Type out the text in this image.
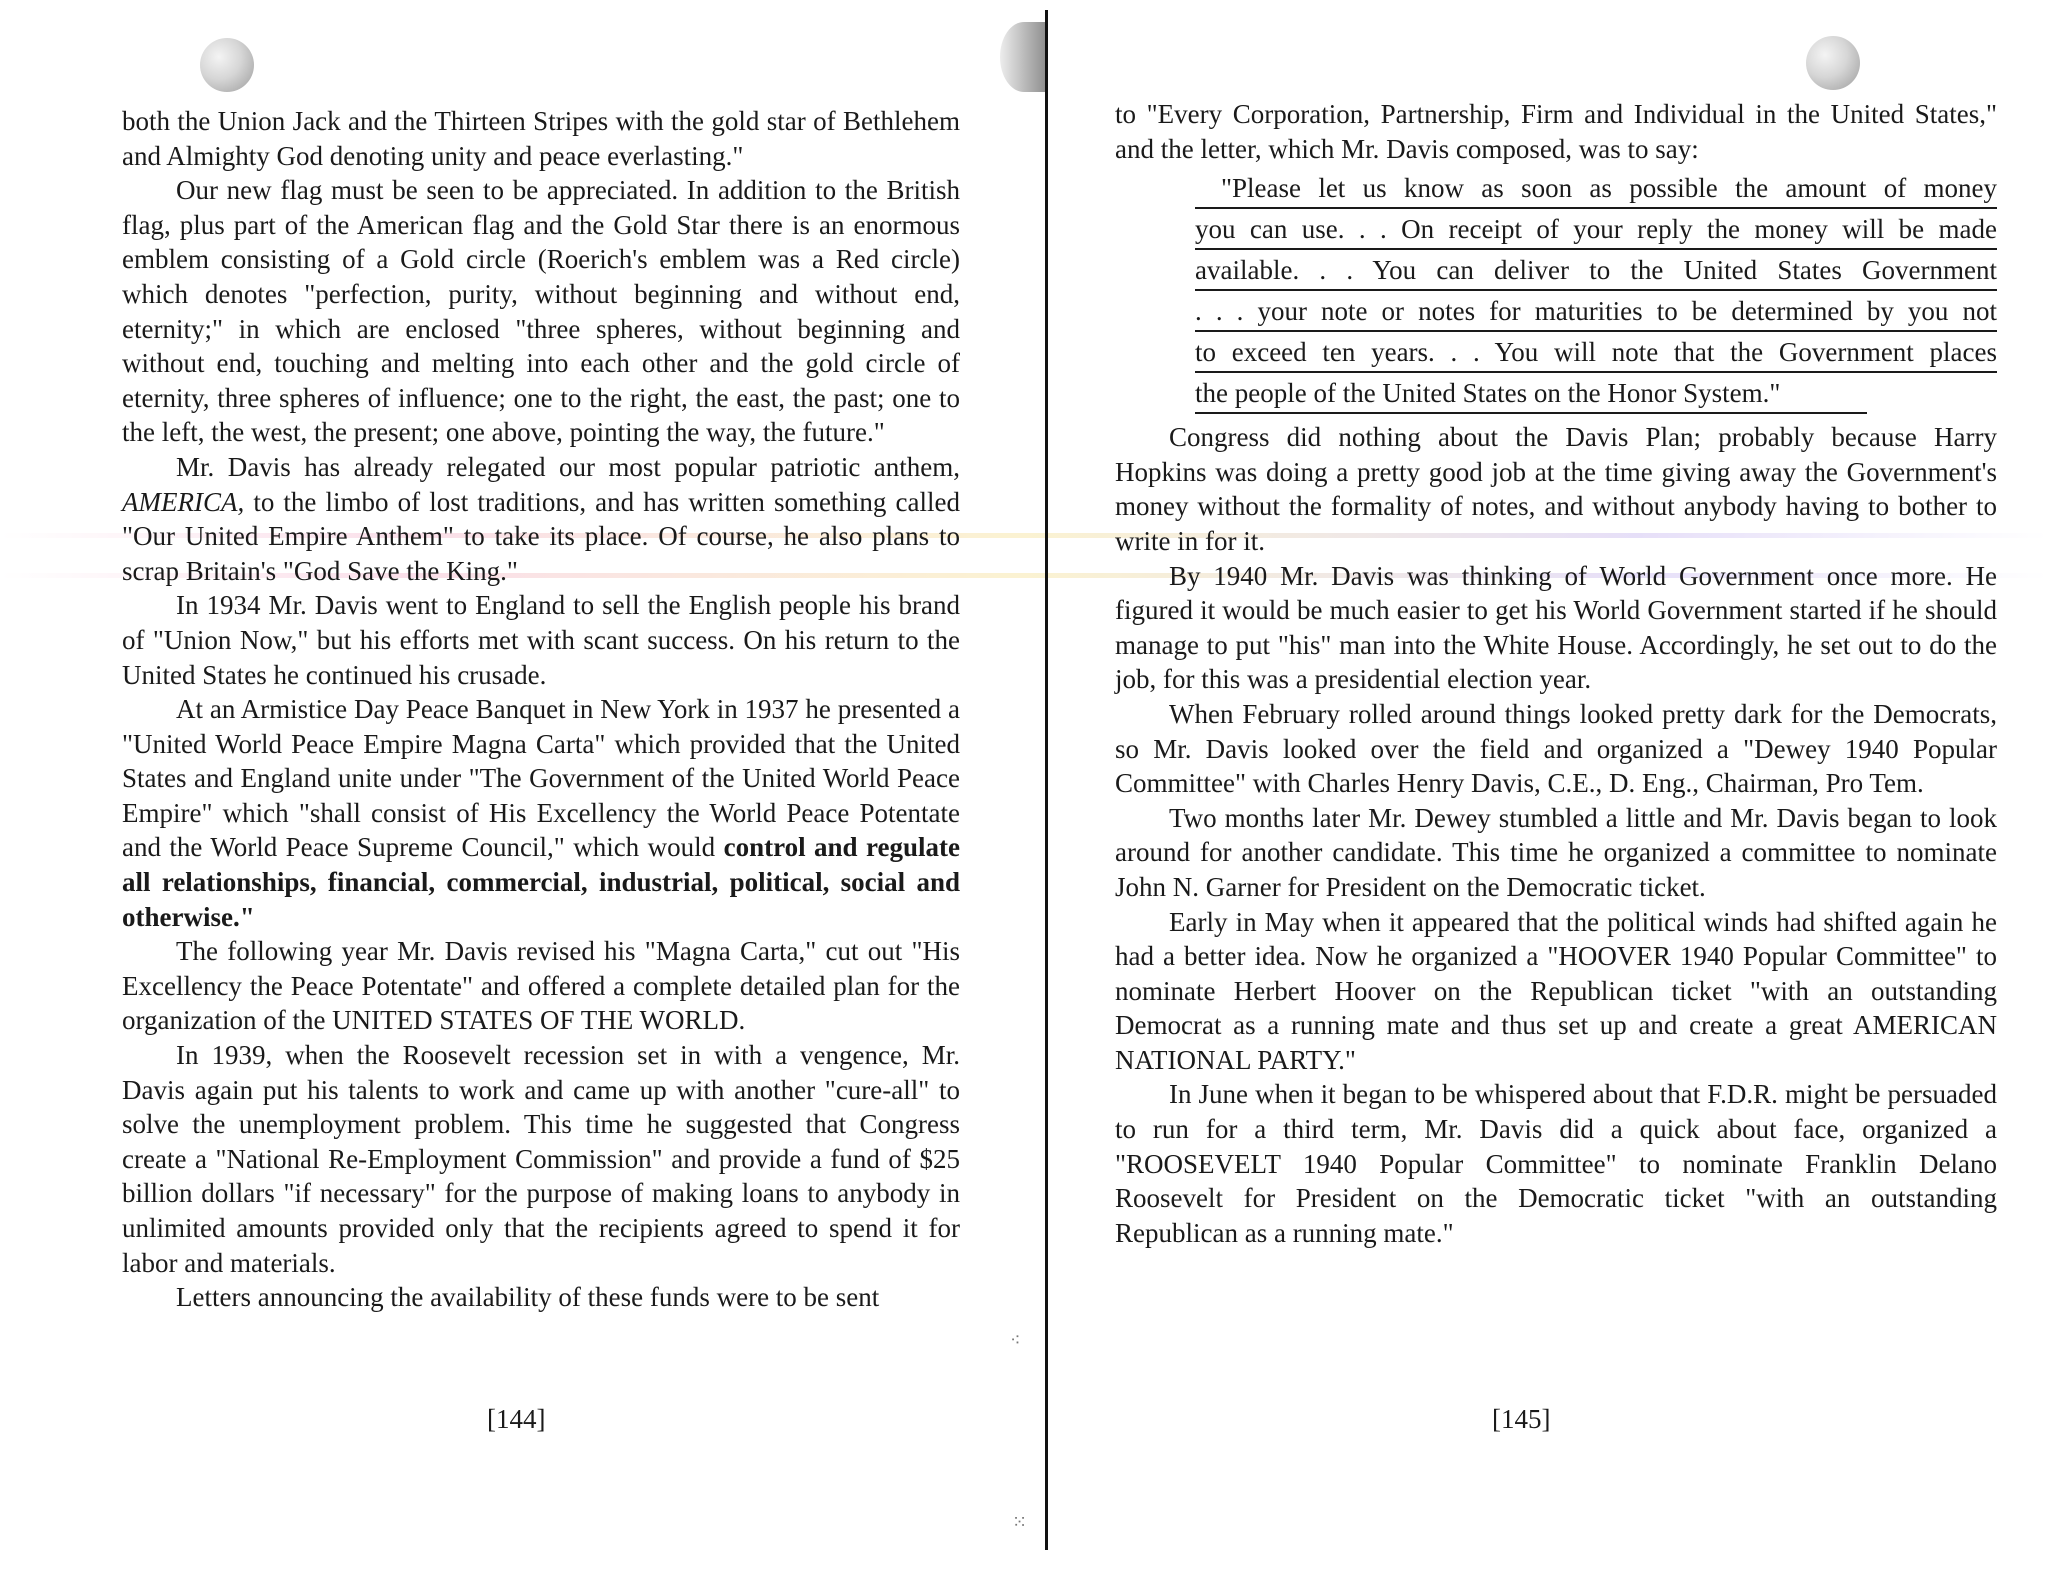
both the Union Jack and the Thirteen Stripes with the gold star of Bethlehem and Almighty God denoting unity and peace everlasting."

Our new flag must be seen to be appreciated. In addition to the British flag, plus part of the American flag and the Gold Star there is an enormous emblem consisting of a Gold circle (Roerich's emblem was a Red circle) which denotes "perfection, purity, without beginning and without end, eternity;" in which are enclosed "three spheres, without beginning and without end, touching and melting into each other and the gold circle of eternity, three spheres of influence; one to the right, the east, the past; one to the left, the west, the present; one above, pointing the way, the future."

Mr. Davis has already relegated our most popular patriotic anthem, AMERICA, to the limbo of lost traditions, and has written something called "Our United Empire Anthem" to take its place. Of course, he also plans to scrap Britain's "God Save the King."

In 1934 Mr. Davis went to England to sell the English people his brand of "Union Now," but his efforts met with scant success. On his return to the United States he continued his crusade.

At an Armistice Day Peace Banquet in New York in 1937 he presented a "United World Peace Empire Magna Carta" which provided that the United States and England unite under "The Government of the United World Peace Empire" which "shall consist of His Excellency the World Peace Potentate and the World Peace Supreme Council," which would control and regulate all relationships, financial, commercial, industrial, political, social and otherwise."

The following year Mr. Davis revised his "Magna Carta," cut out "His Excellency the Peace Potentate" and offered a complete detailed plan for the organization of the UNITED STATES OF THE WORLD.

In 1939, when the Roosevelt recession set in with a vengence, Mr. Davis again put his talents to work and came up with another "cure-all" to solve the unemployment problem. This time he suggested that Congress create a "National Re-Employment Commission" and provide a fund of $25 billion dollars "if necessary" for the purpose of making loans to anybody in unlimited amounts provided only that the recipients agreed to spend it for labor and materials.

Letters announcing the availability of these funds were to be sent

[144]
⁖
⁙

to "Every Corporation, Partnership, Firm and Individual in the United States," and the letter, which Mr. Davis composed, was to say:

"Please let us know as soon as possible the amount of money
you can use. . . On receipt of your reply the money will be made
available. . . You can deliver to the United States Government
. . . your note or notes for maturities to be determined by you not
to exceed ten years. . . You will note that the Government places
the people of the United States on the Honor System."

Congress did nothing about the Davis Plan; probably because Harry Hopkins was doing a pretty good job at the time giving away the Government's money without the formality of notes, and without anybody having to bother to write in for it.

By 1940 Mr. Davis was thinking of World Government once more. He figured it would be much easier to get his World Government started if he should manage to put "his" man into the White House. Accordingly, he set out to do the job, for this was a presidential election year.

When February rolled around things looked pretty dark for the Democrats, so Mr. Davis looked over the field and organized a "Dewey 1940 Popular Committee" with Charles Henry Davis, C.E., D. Eng., Chairman, Pro Tem.

Two months later Mr. Dewey stumbled a little and Mr. Davis began to look around for another candidate. This time he organized a committee to nominate John N. Garner for President on the Democratic ticket.

Early in May when it appeared that the political winds had shifted again he had a better idea. Now he organized a "HOOVER 1940 Popular Committee" to nominate Herbert Hoover on the Republican ticket "with an outstanding Democrat as a running mate and thus set up and create a great AMERICAN NATIONAL PARTY."

In June when it began to be whispered about that F.D.R. might be persuaded to run for a third term, Mr. Davis did a quick about face, organized a "ROOSEVELT 1940 Popular Committee" to nominate Franklin Delano Roosevelt for President on the Democratic ticket "with an outstanding Republican as a running mate."

[145]
